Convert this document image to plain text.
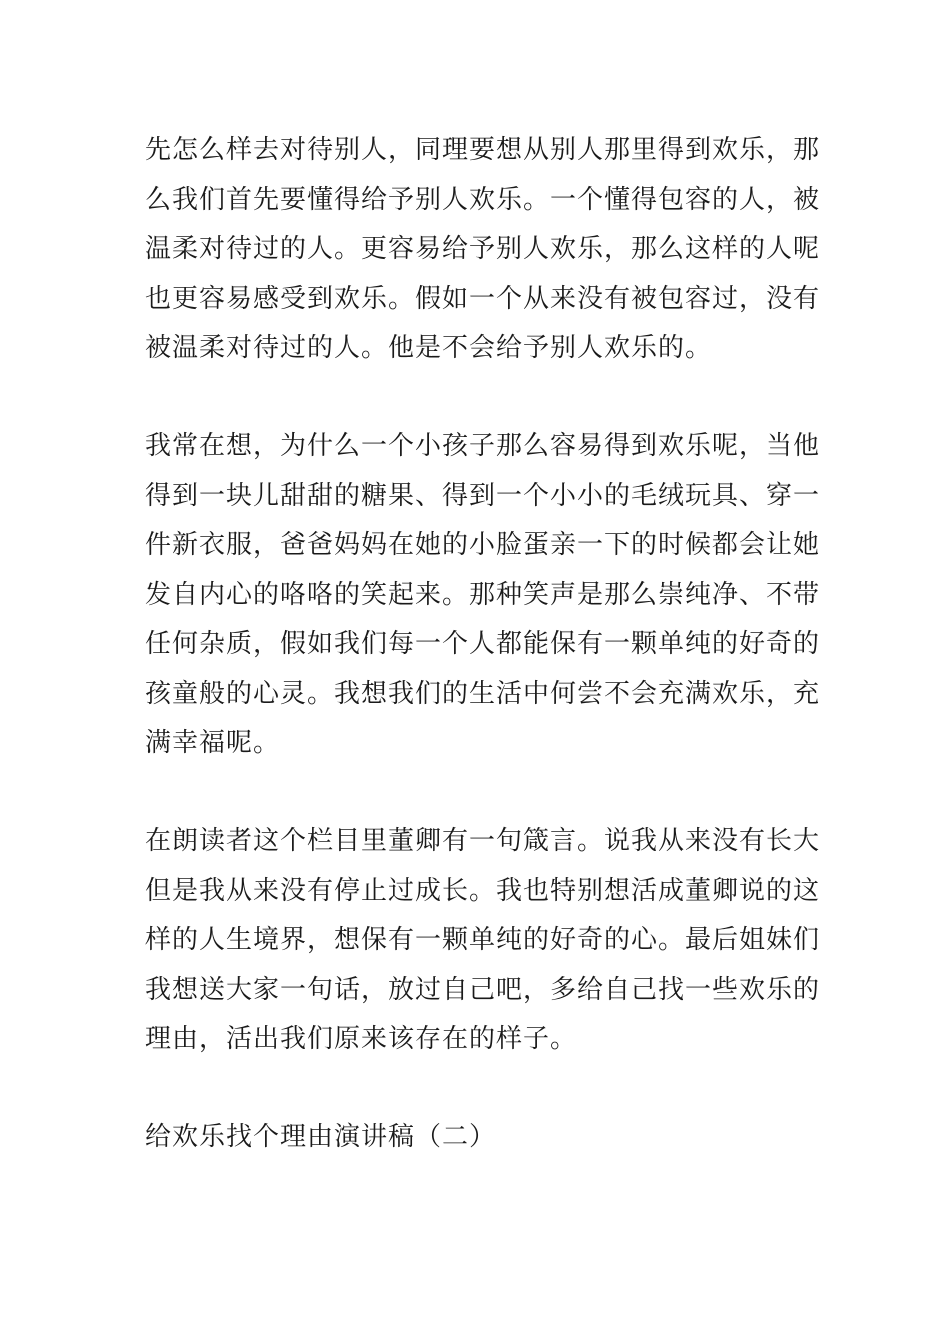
先怎么样去对待别人，同理要想从别人那里得到欢乐，那
么我们首先要懂得给予别人欢乐。一个懂得包容的人，被
温柔对待过的人。更容易给予别人欢乐，那么这样的人呢
也更容易感受到欢乐。假如一个从来没有被包容过，没有
被温柔对待过的人。他是不会给予别人欢乐的。
我常在想，为什么一个小孩子那么容易得到欢乐呢，当他
得到一块儿甜甜的糖果、得到一个小小的毛绒玩具、穿一
件新衣服，爸爸妈妈在她的小脸蛋亲一下的时候都会让她
发自内心的咯咯的笑起来。那种笑声是那么崇纯净、不带
任何杂质，假如我们每一个人都能保有一颗单纯的好奇的
孩童般的心灵。我想我们的生活中何尝不会充满欢乐，充
满幸福呢。
在朗读者这个栏目里董卿有一句箴言。说我从来没有长大
但是我从来没有停止过成长。我也特别想活成董卿说的这
样的人生境界，想保有一颗单纯的好奇的心。最后姐妹们
我想送大家一句话，放过自己吧，多给自己找一些欢乐的
理由，活出我们原来该存在的样子。
给欢乐找个理由演讲稿（二）
